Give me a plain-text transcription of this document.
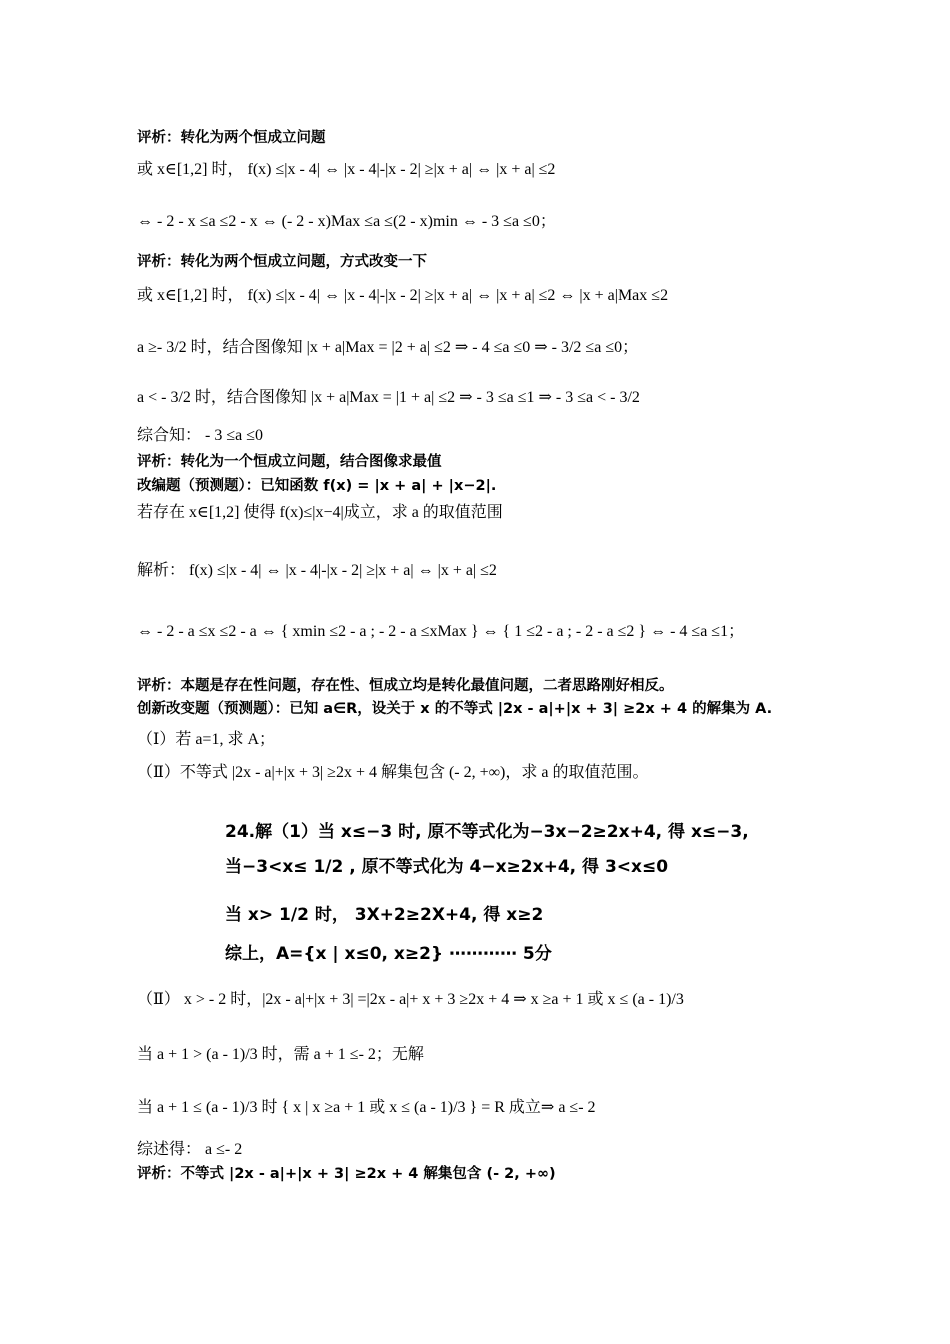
评析：转化为两个恒成立问题
或 x∈[1,2] 时， f(x) ≤|x - 4| ⇔ |x - 4|-|x - 2| ≥|x + a| ⇔ |x + a| ≤2
⇔ - 2 - x ≤a ≤2 - x ⇔ (- 2 - x)Max ≤a ≤(2 - x)min ⇔ - 3 ≤a ≤0；
评析：转化为两个恒成立问题，方式改变一下
或 x∈[1,2] 时， f(x) ≤|x - 4| ⇔ |x - 4|-|x - 2| ≥|x + a| ⇔ |x + a| ≤2 ⇔ |x + a|Max ≤2
a ≥- 3/2 时，结合图像知 |x + a|Max = |2 + a| ≤2 ⇒ - 4 ≤a ≤0 ⇒ - 3/2 ≤a ≤0；
a < - 3/2 时，结合图像知 |x + a|Max = |1 + a| ≤2 ⇒ - 3 ≤a ≤1 ⇒ - 3 ≤a < - 3/2
综合知： - 3 ≤a ≤0
评析：转化为一个恒成立问题，结合图像求最值
改编题（预测题）：已知函数 f(x) = |x + a| + |x−2|.
若存在 x∈[1,2] 使得 f(x)≤|x−4|成立，求 a 的取值范围
解析： f(x) ≤|x - 4| ⇔ |x - 4|-|x - 2| ≥|x + a| ⇔ |x + a| ≤2
⇔ - 2 - a ≤x ≤2 - a ⇔ { xmin ≤2 - a ; - 2 - a ≤xMax } ⇔ { 1 ≤2 - a ; - 2 - a ≤2 } ⇔ - 4 ≤a ≤1；
评析：本题是存在性问题，存在性、恒成立均是转化最值问题，二者思路刚好相反。
创新改变题（预测题）：已知 a∈R，设关于 x 的不等式 |2x - a|+|x + 3| ≥2x + 4 的解集为 A.
（Ⅰ）若 a=1, 求 A；
（Ⅱ）不等式 |2x - a|+|x + 3| ≥2x + 4 解集包含 (- 2, +∞)，求 a 的取值范围。
24.解（1）当 x≤−3 时, 原不等式化为−3x−2≥2x+4, 得 x≤−3,
当−3<x≤ 1/2 , 原不等式化为 4−x≥2x+4, 得 3<x≤0
当 x> 1/2 时， 3X+2≥2X+4, 得 x≥2
综上，A={x | x≤0, x≥2} ⋯⋯⋯⋯ 5分
（Ⅱ） x > - 2 时，|2x - a|+|x + 3| =|2x - a|+ x + 3 ≥2x + 4 ⇒ x ≥a + 1 或 x ≤ (a - 1)/3
当 a + 1 > (a - 1)/3 时，需 a + 1 ≤- 2；无解
当 a + 1 ≤ (a - 1)/3 时 { x | x ≥a + 1 或 x ≤ (a - 1)/3 } = R 成立⇒ a ≤- 2
综述得： a ≤- 2
评析：不等式 |2x - a|+|x + 3| ≥2x + 4 解集包含 (- 2, +∞)
